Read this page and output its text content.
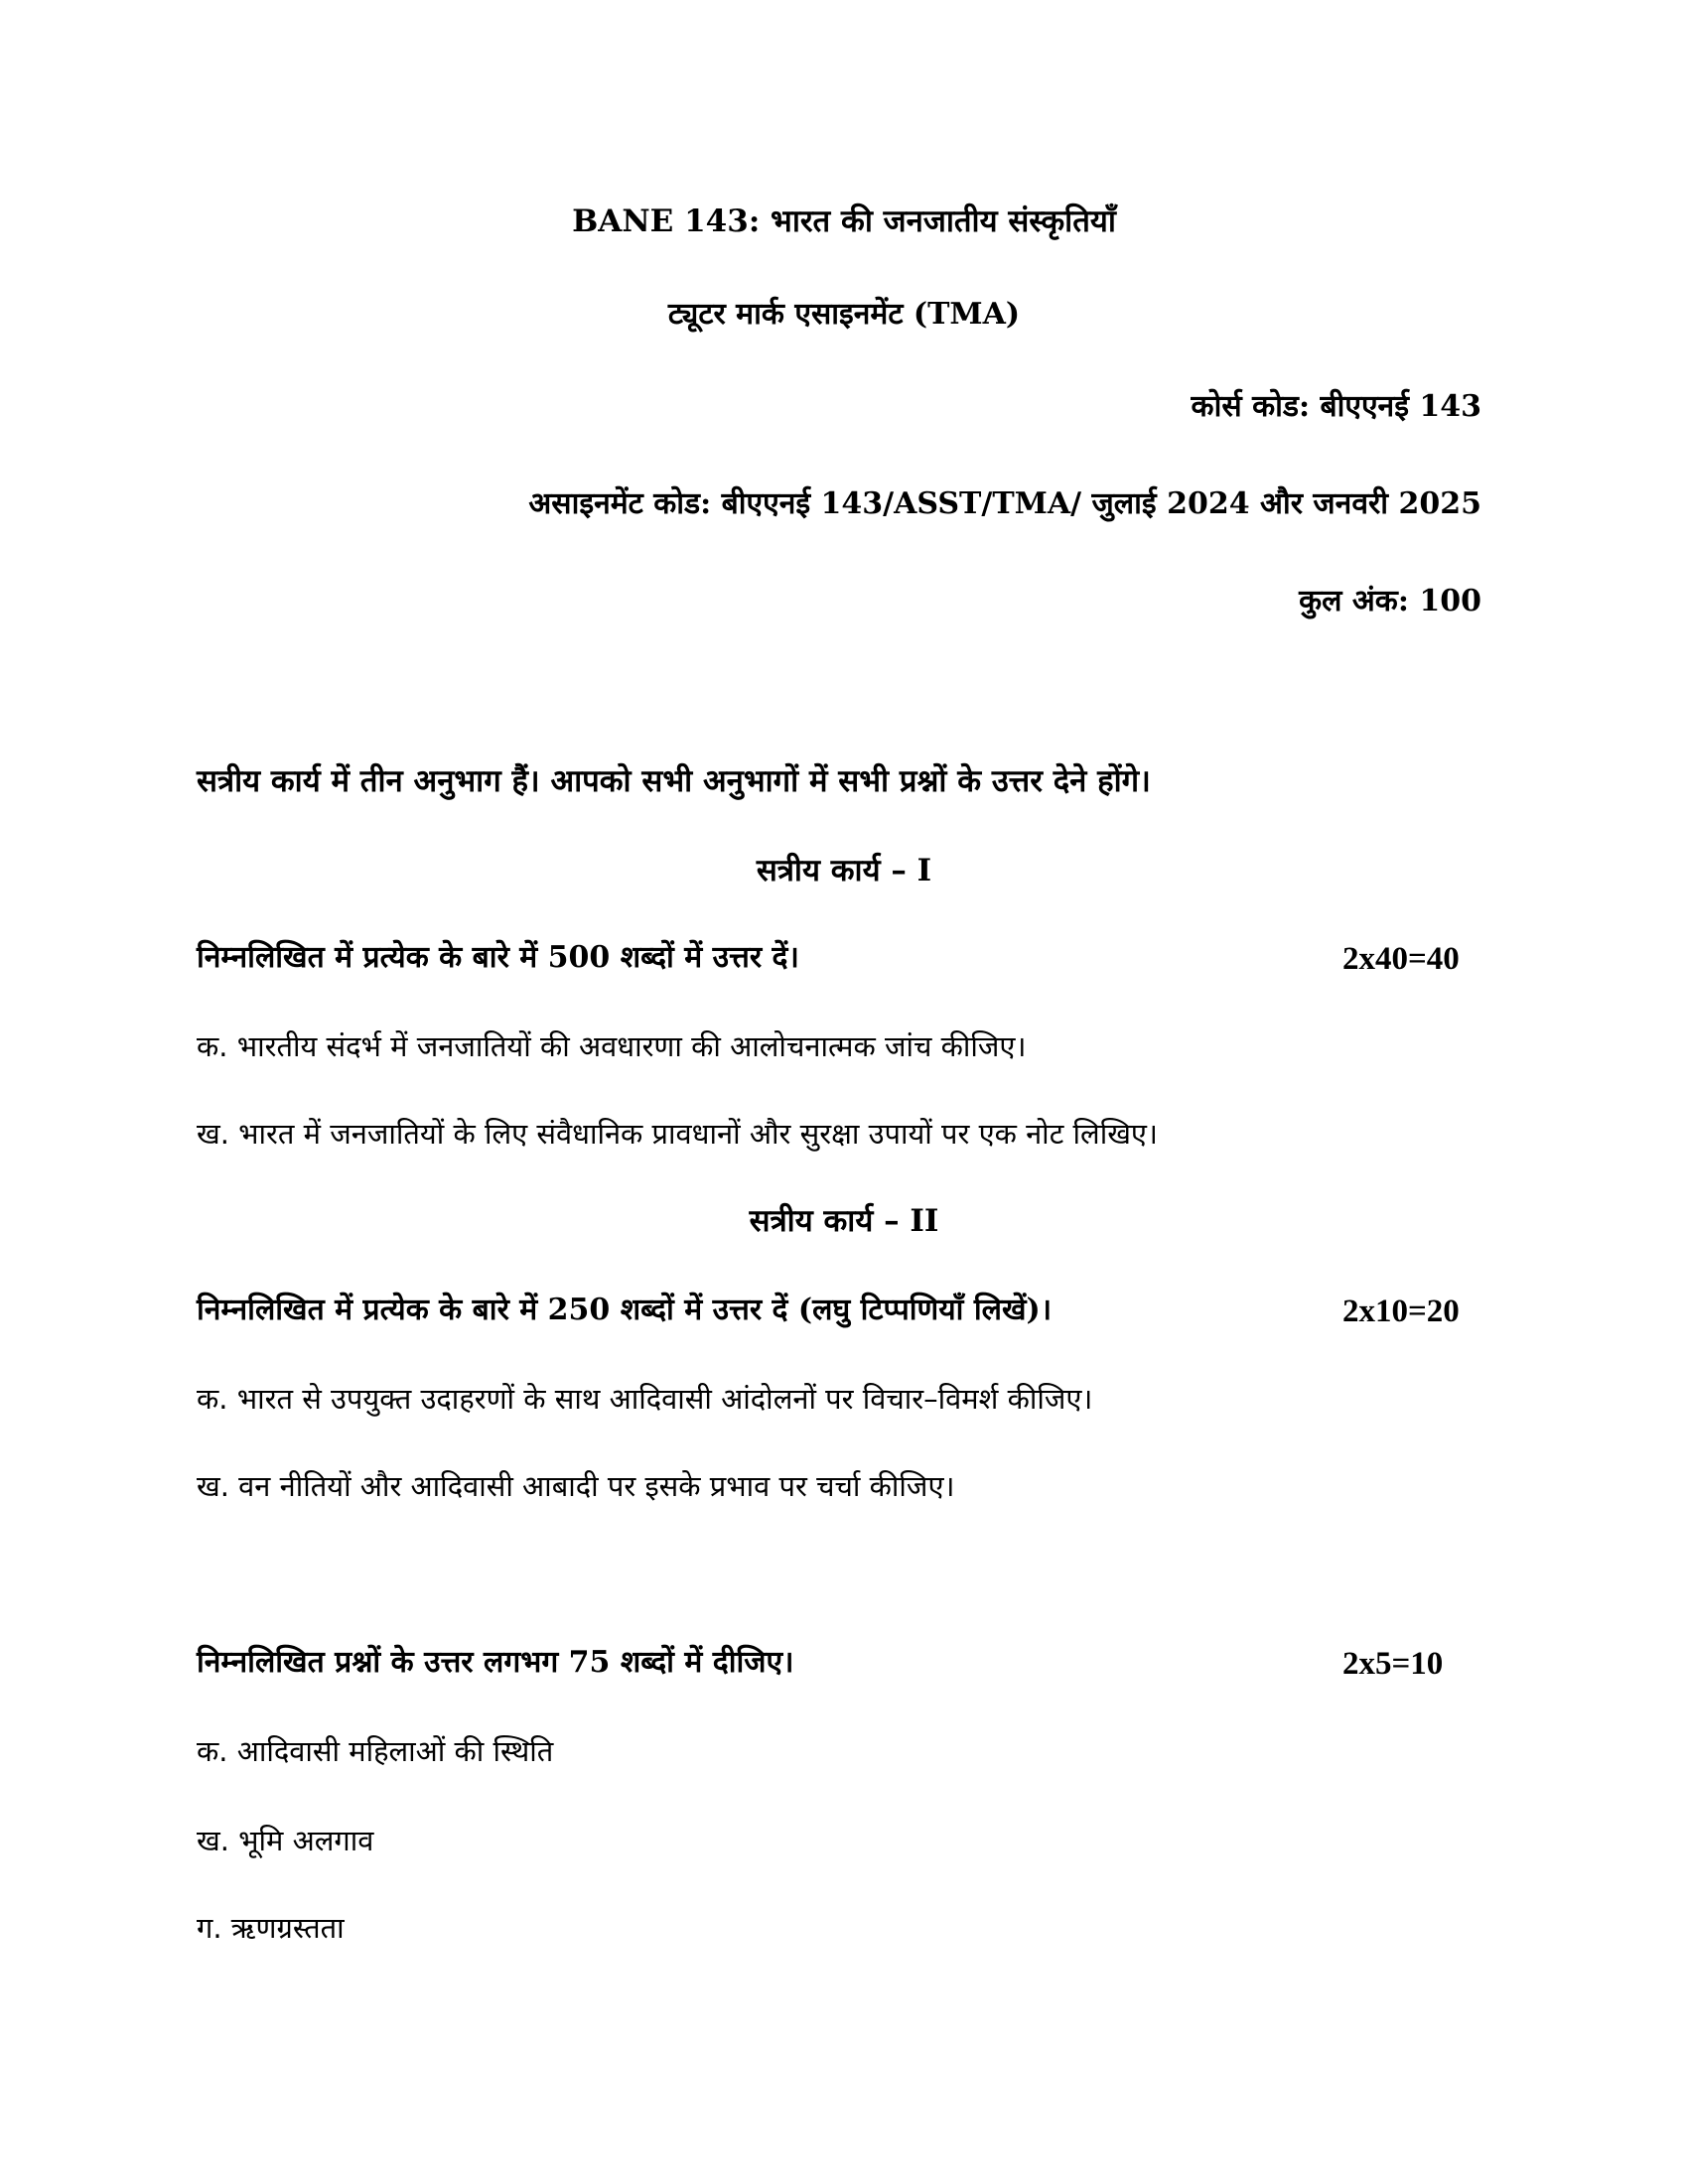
BANE 143: भारत की जनजातीय संस्कृतियाँ
ट्यूटर मार्क एसाइनमेंट (TMA)
कोर्स कोड: बीएएनई 143
असाइनमेंट कोड: बीएएनई 143/ASST/TMA/ जुलाई 2024 और जनवरी 2025
कुल अंक: 100
सत्रीय कार्य में तीन अनुभाग हैं। आपको सभी अनुभागों में सभी प्रश्नों के उत्तर देने होंगे।
सत्रीय कार्य – I
निम्नलिखित में प्रत्येक के बारे में 500 शब्दों में उत्तर दें।	2x40=40
क. भारतीय संदर्भ में जनजातियों की अवधारणा की आलोचनात्मक जांच कीजिए।
ख. भारत में जनजातियों के लिए संवैधानिक प्रावधानों और सुरक्षा उपायों पर एक नोट लिखिए।
सत्रीय कार्य – II
निम्नलिखित में प्रत्येक के बारे में 250 शब्दों में उत्तर दें (लघु टिप्पणियाँ लिखें)।	2x10=20
क. भारत से उपयुक्त उदाहरणों के साथ आदिवासी आंदोलनों पर विचार–विमर्श कीजिए।
ख. वन नीतियों और आदिवासी आबादी पर इसके प्रभाव पर चर्चा कीजिए।
निम्नलिखित प्रश्नों के उत्तर लगभग 75 शब्दों में दीजिए।	2x5=10
क. आदिवासी महिलाओं की स्थिति
ख. भूमि अलगाव
ग. ऋणग्रस्तता
